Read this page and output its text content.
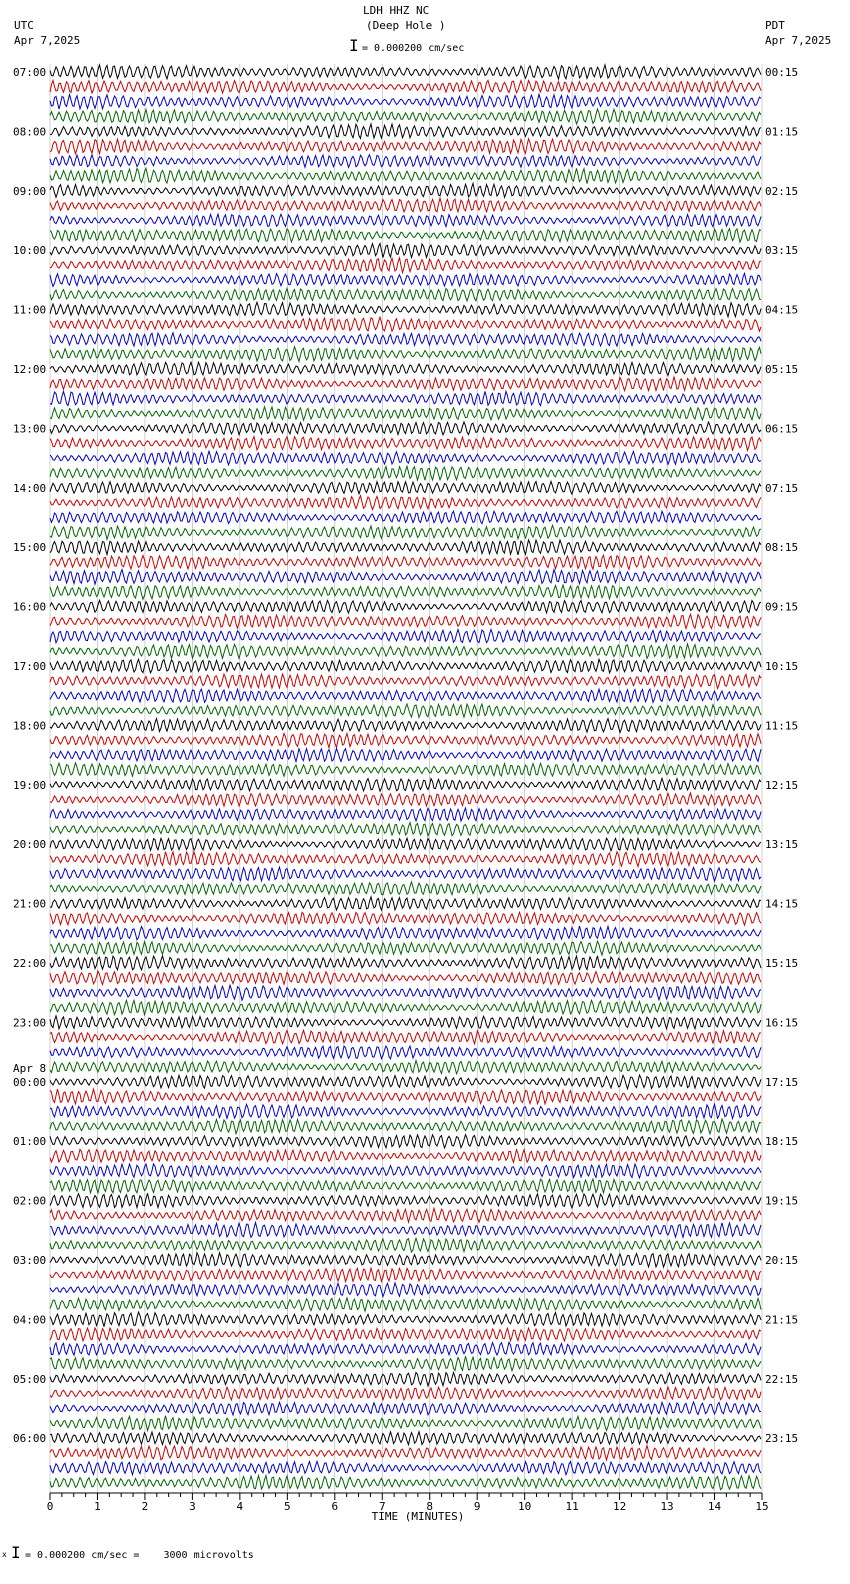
LDH HHZ NC
(Deep Hole )
UTC
Apr 7,2025
PDT
Apr 7,2025
I = 0.000200 cm/sec
0	1	2	3	4	5	6	7	8	9	10	11	12	13	14	15
TIME (MINUTES)
07:00
08:00
09:00
10:00
11:00
12:00
13:00
14:00
15:00
16:00
17:00
18:00
19:00
20:00
21:00
22:00
23:00
00:00
Apr 8
01:00
02:00
03:00
04:00
05:00
06:00
00:15
01:15
02:15
03:15
04:15
05:15
06:15
07:15
08:15
09:15
10:15
11:15
12:15
13:15
14:15
15:15
16:15
17:15
18:15
19:15
20:15
21:15
22:15
23:15
x I = 0.000200 cm/sec =    3000 microvolts
